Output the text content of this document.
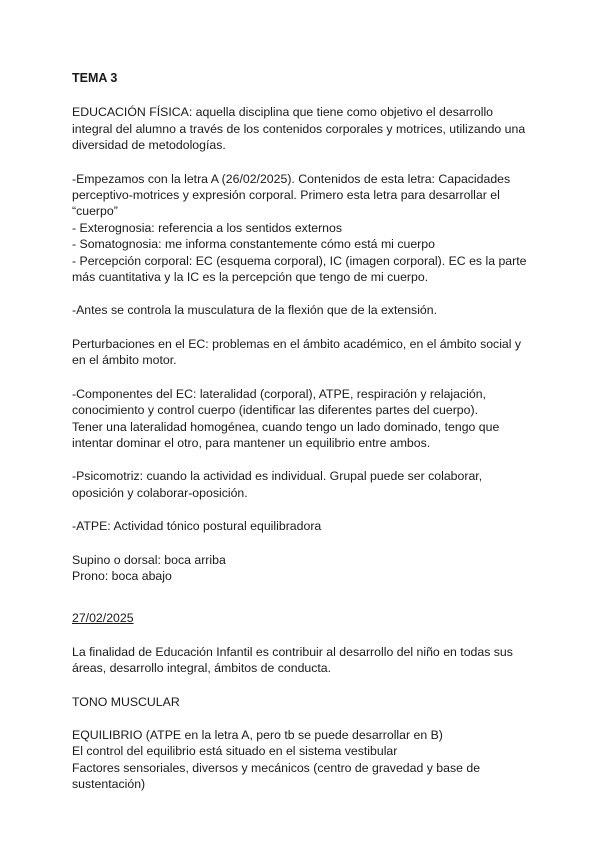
TEMA 3

EDUCACIÓN FÍSICA: aquella disciplina que tiene como objetivo el desarrollo integral del alumno a través de los contenidos corporales y motrices, utilizando una diversidad de metodologías.

-Empezamos con la letra A (26/02/2025). Contenidos de esta letra: Capacidades perceptivo-motrices y expresión corporal. Primero esta letra para desarrollar el “cuerpo”

- Exterognosia: referencia a los sentidos externos

- Somatognosia: me informa constantemente cómo está mi cuerpo

- Percepción corporal: EC (esquema corporal), IC (imagen corporal). EC es la parte más cuantitativa y la IC es la percepción que tengo de mi cuerpo.

-Antes se controla la musculatura de la flexión que de la extensión.

Perturbaciones en el EC: problemas en el ámbito académico, en el ámbito social y en el ámbito motor.

-Componentes del EC: lateralidad (corporal), ATPE, respiración y relajación, conocimiento y control cuerpo (identificar las diferentes partes del cuerpo).

Tener una lateralidad homogénea, cuando tengo un lado dominado, tengo que intentar dominar el otro, para mantener un equilibrio entre ambos.

-Psicomotriz: cuando la actividad es individual. Grupal puede ser colaborar, oposición y colaborar-oposición.

-ATPE: Actividad tónico postural equilibradora

Supino o dorsal: boca arriba

Prono: boca abajo

27/02/2025

La finalidad de Educación Infantil es contribuir al desarrollo del niño en todas sus áreas, desarrollo integral, ámbitos de conducta.

TONO MUSCULAR

EQUILIBRIO (ATPE en la letra A, pero tb se puede desarrollar en B)

El control del equilibrio está situado en el sistema vestibular

Factores sensoriales, diversos y mecánicos (centro de gravedad y base de sustentación)
